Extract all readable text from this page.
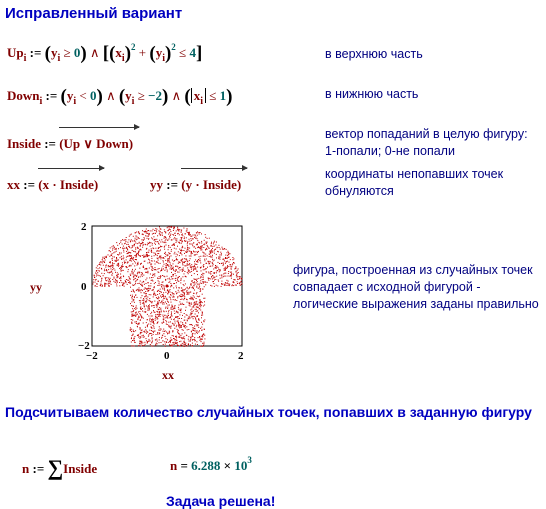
Исправленный вариант
$Up_i$ := $(y_i \ge 0)$ ∧ $[(x_i)^2 + (y_i)^2 \le 4]$	в верхнюю часть
Down$_i$ := $(y_i < 0)$ ∧ $(y_i \ge -2)$ ∧ ( $x_i \le 1$)	в нижнюю часть
Inside := (Up ∨ Down)
вектор попаданий в целую фигуру:
1-попали; 0-не попали
xx := (x · Inside)	yy := (y · Inside)
координаты непопавших точек
обнуляются
yy
2
0
−2
−2	0	2
xx
фигура, построенная из случайных точек
совпадает с исходной фигурой -
логические выражения заданы правильно
Подсчитываем количество случайных точек, попавших в заданную фигуру
n := ∑Inside	$n = 6.288 \times 10^3$
Задача решена!
